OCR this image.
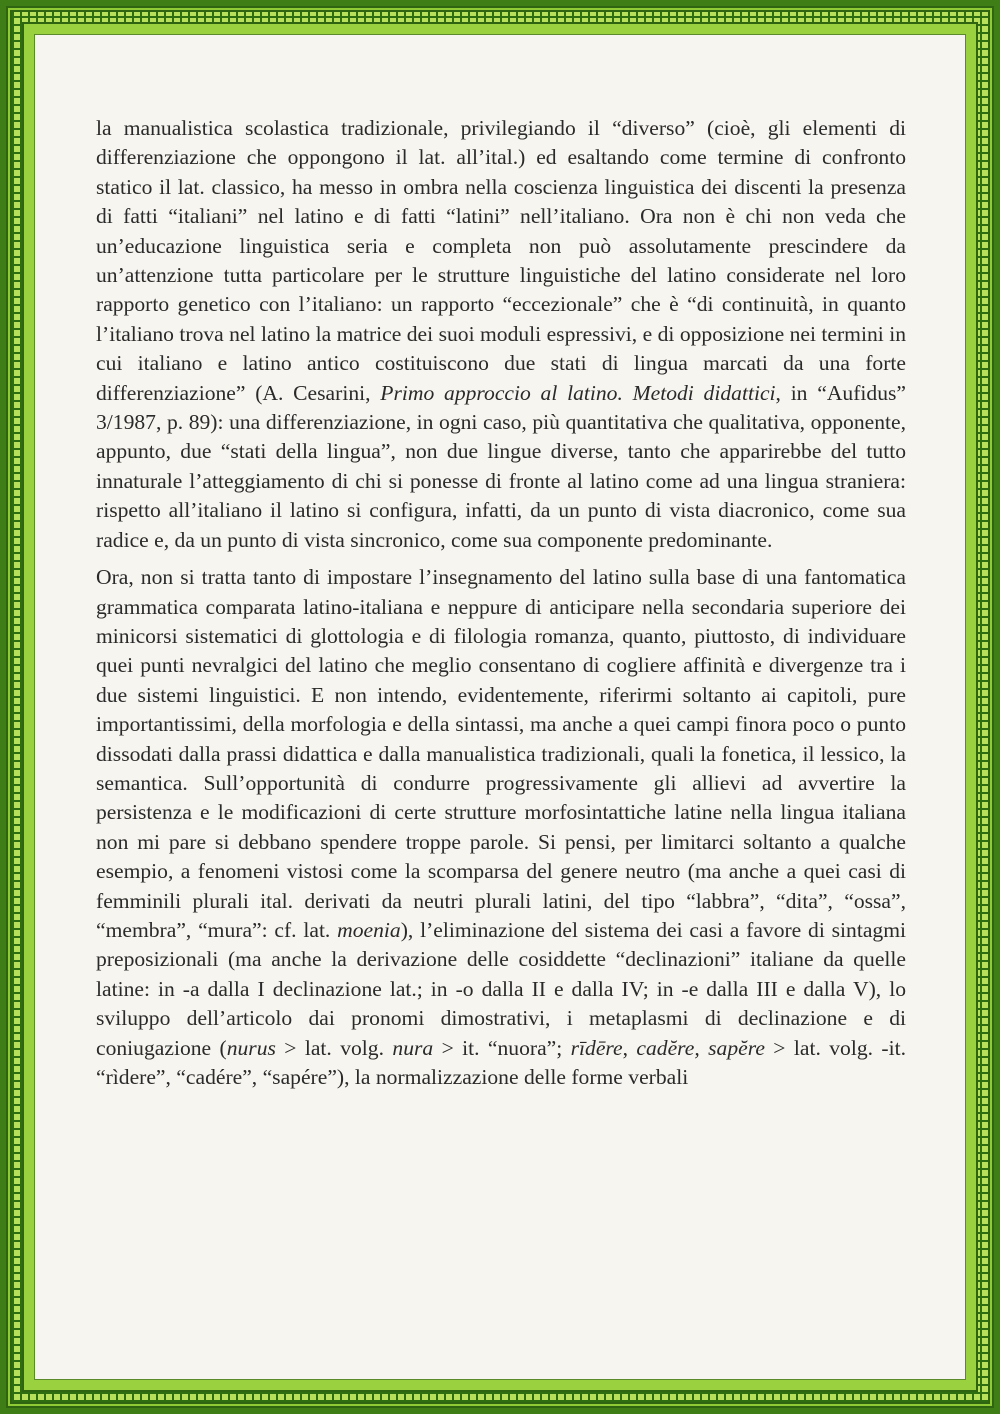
la manualistica scolastica tradizionale, privilegiando il “diverso” (cioè, gli elementi di differenziazione che oppongono il lat. all’ital.) ed esaltando come termine di confronto statico il lat. classico, ha messo in ombra nella coscienza linguistica dei discenti la presenza di fatti “italiani” nel latino e di fatti “latini” nell’italiano. Ora non è chi non veda che un’educazione linguistica seria e completa non può assolutamente prescindere da un’attenzione tutta particolare per le strutture linguistiche del latino considerate nel loro rapporto genetico con l’italiano: un rapporto “eccezionale” che è “di continuità, in quanto l’italiano trova nel latino la matrice dei suoi moduli espressivi, e di opposizione nei termini in cui italiano e latino antico costituiscono due stati di lingua marcati da una forte differenziazione” (A. Cesarini, Primo approccio al latino. Metodi didattici, in “Aufidus” 3/1987, p. 89): una differenziazione, in ogni caso, più quantitativa che qualitativa, opponente, appunto, due “stati della lingua”, non due lingue diverse, tanto che apparirebbe del tutto innaturale l’atteggiamento di chi si ponesse di fronte al latino come ad una lingua straniera: rispetto all’italiano il latino si configura, infatti, da un punto di vista diacronico, come sua radice e, da un punto di vista sincronico, come sua componente predominante.

Ora, non si tratta tanto di impostare l’insegnamento del latino sulla base di una fantomatica grammatica comparata latino-italiana e neppure di anticipare nella secondaria superiore dei minicorsi sistematici di glottologia e di filologia romanza, quanto, piuttosto, di individuare quei punti nevralgici del latino che meglio consentano di cogliere affinità e divergenze tra i due sistemi linguistici. E non intendo, evidentemente, riferirmi soltanto ai capitoli, pure importantissimi, della morfologia e della sintassi, ma anche a quei campi finora poco o punto dissodati dalla prassi didattica e dalla manualistica tradizionali, quali la fonetica, il lessico, la semantica. Sull’opportunità di condurre progressivamente gli allievi ad avvertire la persistenza e le modificazioni di certe strutture morfosintattiche latine nella lingua italiana non mi pare si debbano spendere troppe parole. Si pensi, per limitarci soltanto a qualche esempio, a fenomeni vistosi come la scomparsa del genere neutro (ma anche a quei casi di femminili plurali ital. derivati da neutri plurali latini, del tipo “labbra”, “dita”, “ossa”, “membra”, “mura”: cf. lat. moenia), l’eliminazione del sistema dei casi a favore di sintagmi preposizionali (ma anche la derivazione delle cosiddette “declinazioni” italiane da quelle latine: in -a dalla I declinazione lat.; in -o dalla II e dalla IV; in -e dalla III e dalla V), lo sviluppo dell’articolo dai pronomi dimostrativi, i metaplasmi di declinazione e di coniugazione (nurus > lat. volg. nura > it. “nuora”; rīdēre, cadĕre, sapĕre > lat. volg. -it. “rìdere”, “cadére”, “sapére”), la normalizzazione delle forme verbali
